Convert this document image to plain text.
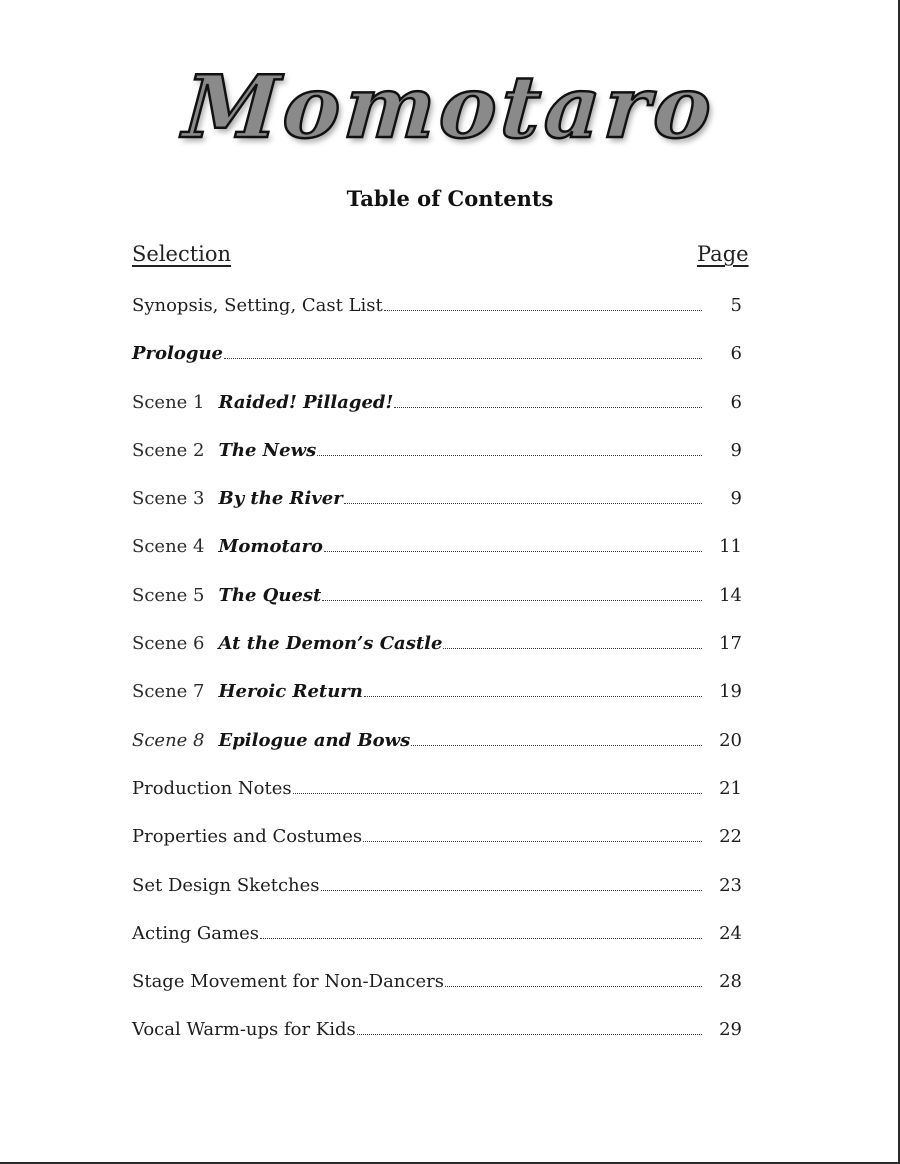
Momotaro
Table of Contents
Selection	Page
Synopsis, Setting, Cast List	5
Prologue	6
Scene 1 Raided! Pillaged!	6
Scene 2 The News	9
Scene 3 By the River	9
Scene 4 Momotaro	11
Scene 5 The Quest	14
Scene 6 At the Demon’s Castle	17
Scene 7 Heroic Return	19
Scene 8 Epilogue and Bows	20
Production Notes	21
Properties and Costumes	22
Set Design Sketches	23
Acting Games	24
Stage Movement for Non-Dancers	28
Vocal Warm-ups for Kids	29
